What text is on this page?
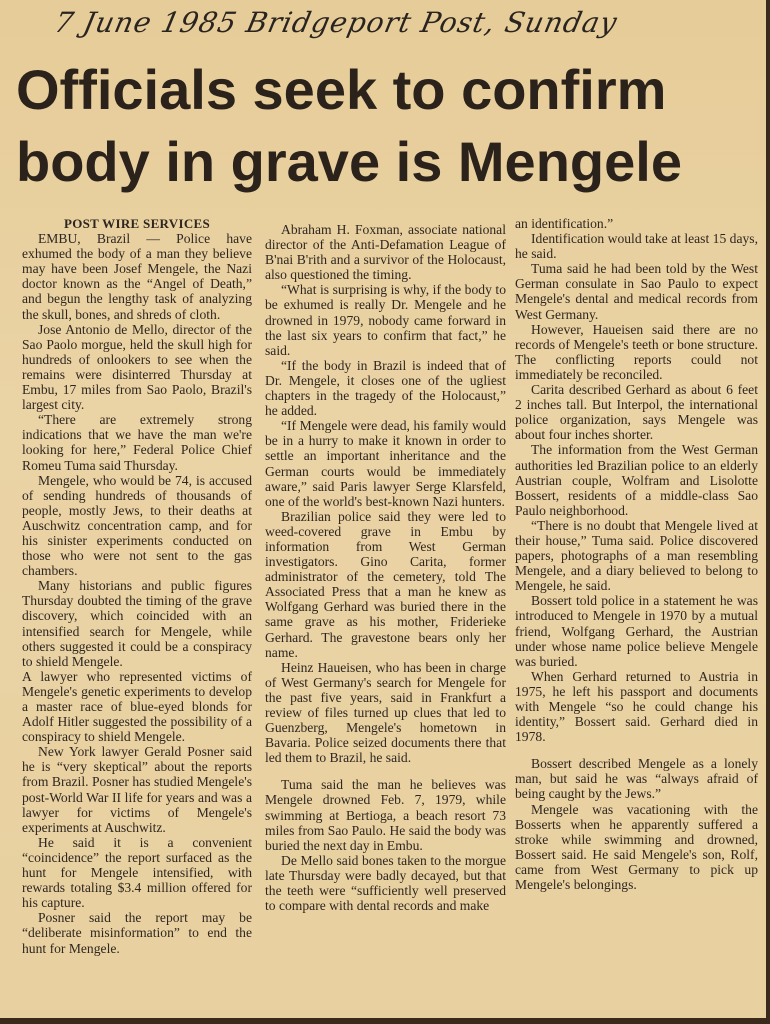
7 June 1985 Bridgeport Post, Sunday
Officials seek to confirm
body in grave is Mengele
POST WIRE SERVICES

EMBU, Brazil — Police have exhumed the body of a man they believe may have been Josef Mengele, the Nazi doctor known as the “Angel of Death,” and begun the lengthy task of analyzing the skull, bones, and shreds of cloth.

Jose Antonio de Mello, director of the Sao Paolo morgue, held the skull high for hundreds of onlookers to see when the remains were disinterred Thursday at Embu, 17 miles from Sao Paolo, Brazil's largest city.

“There are extremely strong indications that we have the man we're looking for here,” Federal Police Chief Romeu Tuma said Thursday.

Mengele, who would be 74, is accused of sending hundreds of thousands of people, mostly Jews, to their deaths at Auschwitz concentration camp, and for his sinister experiments conducted on those who were not sent to the gas chambers.

Many historians and public figures Thursday doubted the timing of the grave discovery, which coincided with an intensified search for Mengele, while others suggested it could be a conspiracy to shield Mengele.

A lawyer who represented victims of Mengele's genetic experiments to develop a master race of blue-eyed blonds for Adolf Hitler suggested the possibility of a conspiracy to shield Mengele.

New York lawyer Gerald Posner said he is “very skeptical” about the reports from Brazil. Posner has studied Mengele's post-World War II life for years and was a lawyer for victims of Mengele's experiments at Auschwitz.

He said it is a convenient “coincidence” the report surfaced as the hunt for Mengele intensified, with rewards totaling $3.4 million offered for his capture.

Posner said the report may be “deliberate misinformation” to end the hunt for Mengele.

Abraham H. Foxman, associate national director of the Anti-Defamation League of B'nai B'rith and a survivor of the Holocaust, also questioned the timing.

“What is surprising is why, if the body to be exhumed is really Dr. Mengele and he drowned in 1979, nobody came forward in the last six years to confirm that fact,” he said.

“If the body in Brazil is indeed that of Dr. Mengele, it closes one of the ugliest chapters in the tragedy of the Holocaust,” he added.

“If Mengele were dead, his family would be in a hurry to make it known in order to settle an important inheritance and the German courts would be immediately aware,” said Paris lawyer Serge Klarsfeld, one of the world's best-known Nazi hunters.

Brazilian police said they were led to weed-covered grave in Embu by information from West German investigators. Gino Carita, former administrator of the cemetery, told The Associated Press that a man he knew as Wolfgang Gerhard was buried there in the same grave as his mother, Friderieke Gerhard. The gravestone bears only her name.

Heinz Haueisen, who has been in charge of West Germany's search for Mengele for the past five years, said in Frankfurt a review of files turned up clues that led to Guenzberg, Mengele's hometown in Bavaria. Police seized documents there that led them to Brazil, he said.

Tuma said the man he believes was Mengele drowned Feb. 7, 1979, while swimming at Bertioga, a beach resort 73 miles from Sao Paulo. He said the body was buried the next day in Embu.

De Mello said bones taken to the morgue late Thursday were badly decayed, but that the teeth were “sufficiently well preserved to compare with dental records and make

an identification.”

Identification would take at least 15 days, he said.

Tuma said he had been told by the West German consulate in Sao Paulo to expect Mengele's dental and medical records from West Germany.

However, Haueisen said there are no records of Mengele's teeth or bone structure. The conflicting reports could not immediately be reconciled.

Carita described Gerhard as about 6 feet 2 inches tall. But Interpol, the international police organization, says Mengele was about four inches shorter.

The information from the West German authorities led Brazilian police to an elderly Austrian couple, Wolfram and Lisolotte Bossert, residents of a middle-class Sao Paulo neighborhood.

“There is no doubt that Mengele lived at their house,” Tuma said. Police discovered papers, photographs of a man resembling Mengele, and a diary believed to belong to Mengele, he said.

Bossert told police in a statement he was introduced to Mengele in 1970 by a mutual friend, Wolfgang Gerhard, the Austrian under whose name police believe Mengele was buried.

When Gerhard returned to Austria in 1975, he left his passport and documents with Mengele “so he could change his identity,” Bossert said. Gerhard died in 1978.

Bossert described Mengele as a lonely man, but said he was “always afraid of being caught by the Jews.”

Mengele was vacationing with the Bosserts when he apparently suffered a stroke while swimming and drowned, Bossert said. He said Mengele's son, Rolf, came from West Germany to pick up Mengele's belongings.
